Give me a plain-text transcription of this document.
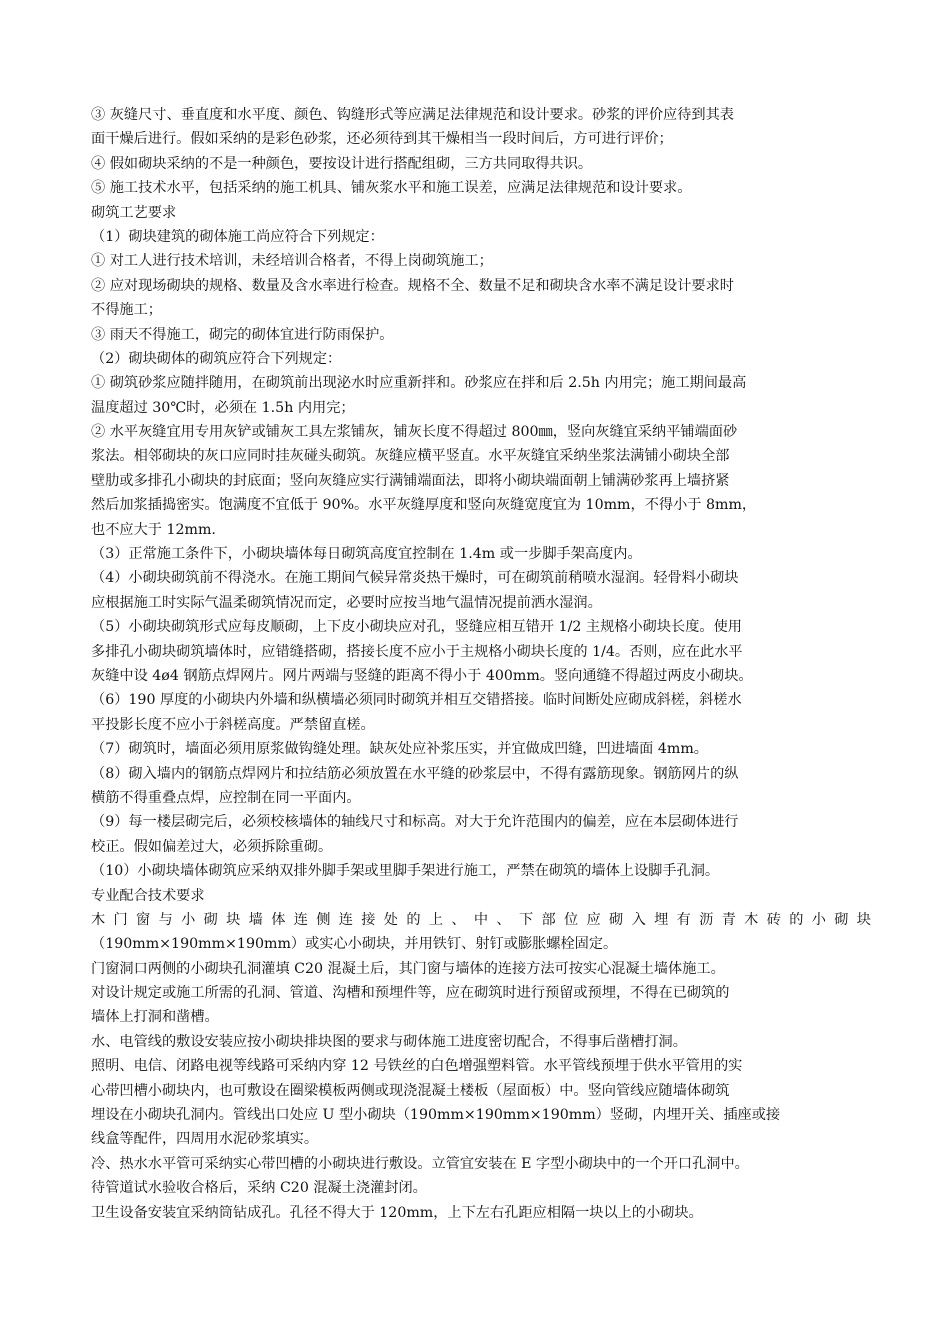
③ 灰缝尺寸、垂直度和水平度、颜色、钩缝形式等应满足法律规范和设计要求。砂浆的评价应待到其表
面干燥后进行。假如采纳的是彩色砂浆，还必须待到其干燥相当一段时间后，方可进行评价；
④ 假如砌块采纳的不是一种颜色，要按设计进行搭配组砌，三方共同取得共识。
⑤ 施工技术水平，包括采纳的施工机具、铺灰浆水平和施工误差，应满足法律规范和设计要求。
砌筑工艺要求
（1）砌块建筑的砌体施工尚应符合下列规定：
① 对工人进行技术培训，未经培训合格者，不得上岗砌筑施工；
② 应对现场砌块的规格、数量及含水率进行检查。规格不全、数量不足和砌块含水率不满足设计要求时
不得施工；
③ 雨天不得施工，砌完的砌体宜进行防雨保护。
（2）砌块砌体的砌筑应符合下列规定：
① 砌筑砂浆应随拌随用，在砌筑前出现泌水时应重新拌和。砂浆应在拌和后 2.5h 内用完；施工期间最高
温度超过 30℃时，必须在 1.5h 内用完；
② 水平灰缝宜用专用灰铲或铺灰工具左浆铺灰，铺灰长度不得超过 800㎜，竖向灰缝宜采纳平铺端面砂
浆法。相邻砌块的灰口应同时挂灰碰头砌筑。灰缝应横平竖直。水平灰缝宜采纳坐浆法满铺小砌块全部
壁肋或多排孔小砌块的封底面；竖向灰缝应实行满铺端面法，即将小砌块端面朝上铺满砂浆再上墙挤紧
然后加浆插捣密实。饱满度不宜低于 90%。水平灰缝厚度和竖向灰缝宽度宜为 10mm，不得小于 8mm，
也不应大于 12mm.
（3）正常施工条件下，小砌块墙体每日砌筑高度宜控制在 1.4m 或一步脚手架高度内。
（4）小砌块砌筑前不得浇水。在施工期间气候异常炎热干燥时，可在砌筑前稍喷水湿润。轻骨料小砌块
应根据施工时实际气温柔砌筑情况而定，必要时应按当地气温情况提前洒水湿润。
（5）小砌块砌筑形式应每皮顺砌，上下皮小砌块应对孔，竖缝应相互错开 1/2 主规格小砌块长度。使用
多排孔小砌块砌筑墙体时，应错缝搭砌，搭接长度不应小于主规格小砌块长度的 1/4。否则，应在此水平
灰缝中设 4ø4 钢筋点焊网片。网片两端与竖缝的距离不得小于 400mm。竖向通缝不得超过两皮小砌块。
（6）190 厚度的小砌块内外墙和纵横墙必须同时砌筑并相互交错搭接。临时间断处应砌成斜槎，斜槎水
平投影长度不应小于斜槎高度。严禁留直槎。
（7）砌筑时，墙面必须用原浆做钩缝处理。缺灰处应补浆压实，并宜做成凹缝，凹进墙面 4mm。
（8）砌入墙内的钢筋点焊网片和拉结筋必须放置在水平缝的砂浆层中，不得有露筋现象。钢筋网片的纵
横筋不得重叠点焊，应控制在同一平面内。
（9）每一楼层砌完后，必须校核墙体的轴线尺寸和标高。对大于允许范围内的偏差，应在本层砌体进行
校正。假如偏差过大，必须拆除重砌。
（10）小砌块墙体砌筑应采纳双排外脚手架或里脚手架进行施工，严禁在砌筑的墙体上设脚手孔洞。
专业配合技术要求
木门窗与小砌块墙体连侧连接处的上、中、下部位应砌入埋有沥青木砖的小砌块
（190mm×190mm×190mm）或实心小砌块，并用铁钉、射钉或膨胀螺栓固定。
门窗洞口两侧的小砌块孔洞灌填 C20 混凝土后，其门窗与墙体的连接方法可按实心混凝土墙体施工。
对设计规定或施工所需的孔洞、管道、沟槽和预埋件等，应在砌筑时进行预留或预埋，不得在已砌筑的
墙体上打洞和凿槽。
水、电管线的敷设安装应按小砌块排块图的要求与砌体施工进度密切配合，不得事后凿槽打洞。
照明、电信、闭路电视等线路可采纳内穿 12 号铁丝的白色增强塑料管。水平管线预埋于供水平管用的实
心带凹槽小砌块内，也可敷设在圈梁模板两侧或现浇混凝土楼板（屋面板）中。竖向管线应随墙体砌筑
埋设在小砌块孔洞内。管线出口处应 U 型小砌块（190mm×190mm×190mm）竖砌，内埋开关、插座或接
线盒等配件，四周用水泥砂浆填实。
冷、热水水平管可采纳实心带凹槽的小砌块进行敷设。立管宜安装在 E 字型小砌块中的一个开口孔洞中。
待管道试水验收合格后，采纳 C20 混凝土浇灌封闭。
卫生设备安装宜采纳筒钻成孔。孔径不得大于 120mm，上下左右孔距应相隔一块以上的小砌块。
